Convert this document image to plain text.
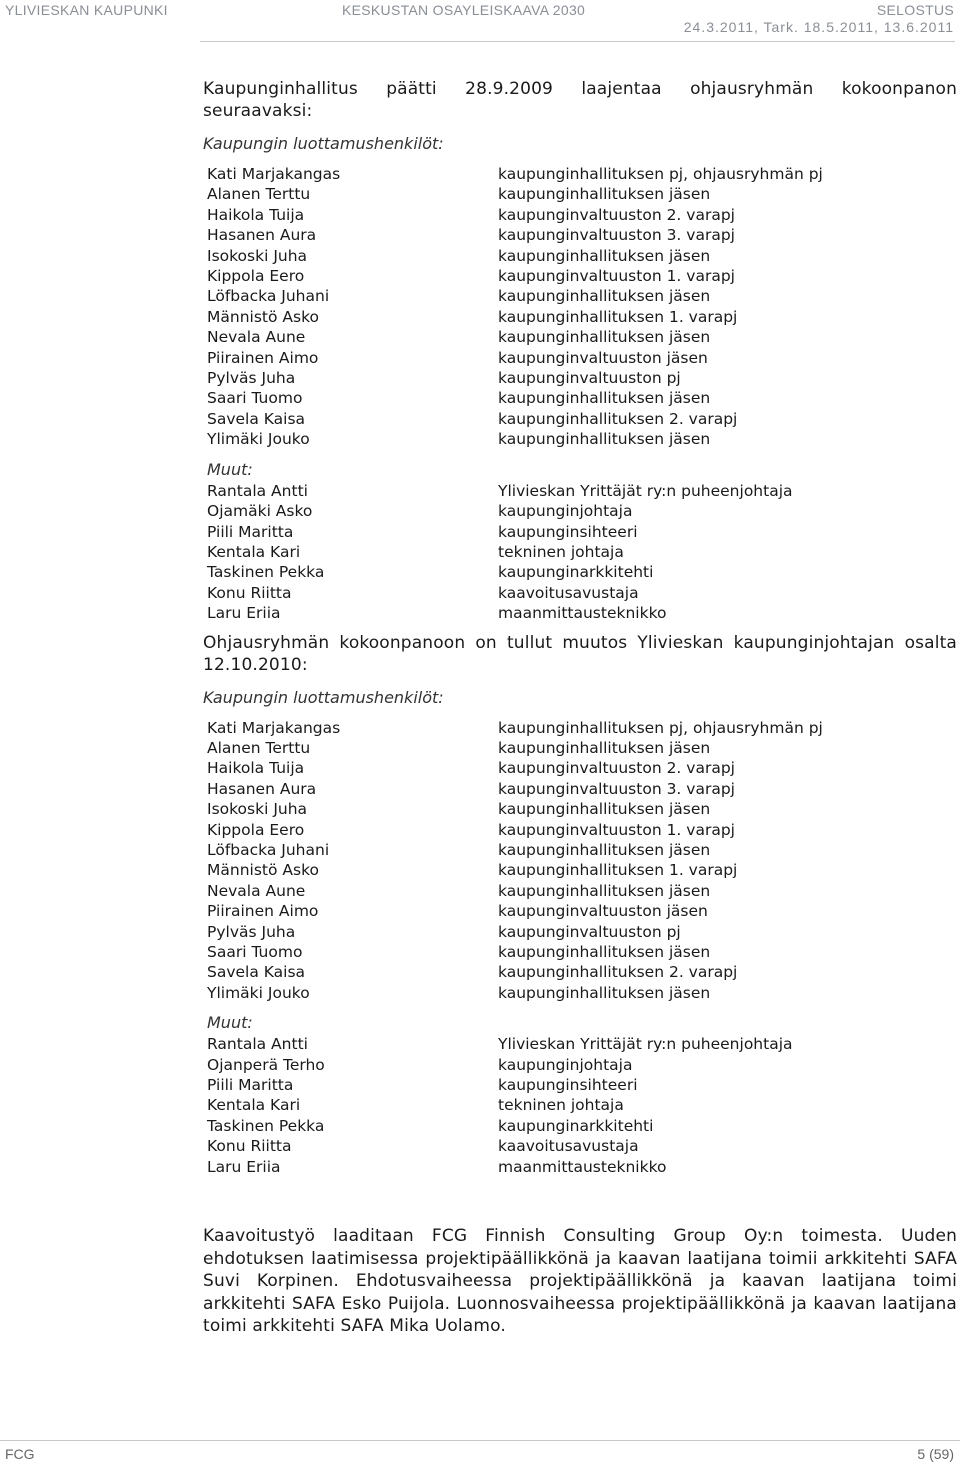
YLIVIESKAN KAUPUNKI	KESKUSTAN OSAYLEISKAAVA 2030	SELOSTUS
24.3.2011, Tark. 18.5.2011, 13.6.2011

Kaupunginhallitus päätti 28.9.2009 laajentaa ohjausryhmän kokoonpanon seuraavaksi:

Kaupungin luottamushenkilöt:
Kati Marjakangas	kaupunginhallituksen pj, ohjausryhmän pj
Alanen Terttu	kaupunginhallituksen jäsen
Haikola Tuija	kaupunginvaltuuston 2. varapj
Hasanen Aura	kaupunginvaltuuston 3. varapj
Isokoski Juha	kaupunginhallituksen jäsen
Kippola Eero	kaupunginvaltuuston 1. varapj
Löfbacka Juhani	kaupunginhallituksen jäsen
Männistö Asko	kaupunginhallituksen 1. varapj
Nevala Aune	kaupunginhallituksen jäsen
Piirainen Aimo	kaupunginvaltuuston jäsen
Pylväs Juha	kaupunginvaltuuston pj
Saari Tuomo	kaupunginhallituksen jäsen
Savela Kaisa	kaupunginhallituksen 2. varapj
Ylimäki Jouko	kaupunginhallituksen jäsen
Muut:
Rantala Antti	Ylivieskan Yrittäjät ry:n puheenjohtaja
Ojamäki Asko	kaupunginjohtaja
Piili Maritta	kaupunginsihteeri
Kentala Kari	tekninen johtaja
Taskinen Pekka	kaupunginarkkitehti
Konu Riitta	kaavoitusavustaja
Laru Eriia	maanmittausteknikko

Ohjausryhmän kokoonpanoon on tullut muutos Ylivieskan kaupunginjohtajan osalta 12.10.2010:

Kaupungin luottamushenkilöt:
Kati Marjakangas	kaupunginhallituksen pj, ohjausryhmän pj
Alanen Terttu	kaupunginhallituksen jäsen
Haikola Tuija	kaupunginvaltuuston 2. varapj
Hasanen Aura	kaupunginvaltuuston 3. varapj
Isokoski Juha	kaupunginhallituksen jäsen
Kippola Eero	kaupunginvaltuuston 1. varapj
Löfbacka Juhani	kaupunginhallituksen jäsen
Männistö Asko	kaupunginhallituksen 1. varapj
Nevala Aune	kaupunginhallituksen jäsen
Piirainen Aimo	kaupunginvaltuuston jäsen
Pylväs Juha	kaupunginvaltuuston pj
Saari Tuomo	kaupunginhallituksen jäsen
Savela Kaisa	kaupunginhallituksen 2. varapj
Ylimäki Jouko	kaupunginhallituksen jäsen
Muut:
Rantala Antti	Ylivieskan Yrittäjät ry:n puheenjohtaja
Ojanperä Terho	kaupunginjohtaja
Piili Maritta	kaupunginsihteeri
Kentala Kari	tekninen johtaja
Taskinen Pekka	kaupunginarkkitehti
Konu Riitta	kaavoitusavustaja
Laru Eriia	maanmittausteknikko

Kaavoitustyö laaditaan FCG Finnish Consulting Group Oy:n toimesta. Uuden ehdotuksen laatimisessa projektipäällikkönä ja kaavan laatijana toimii arkkitehti SAFA Suvi Korpinen. Ehdotusvaiheessa projektipäällikkönä ja kaavan laatijana toimi arkkitehti SAFA Esko Puijola. Luonnosvaiheessa projektipäällikkönä ja kaavan laatijana toimi arkkitehti SAFA Mika Uolamo.

FCG	5 (59)
